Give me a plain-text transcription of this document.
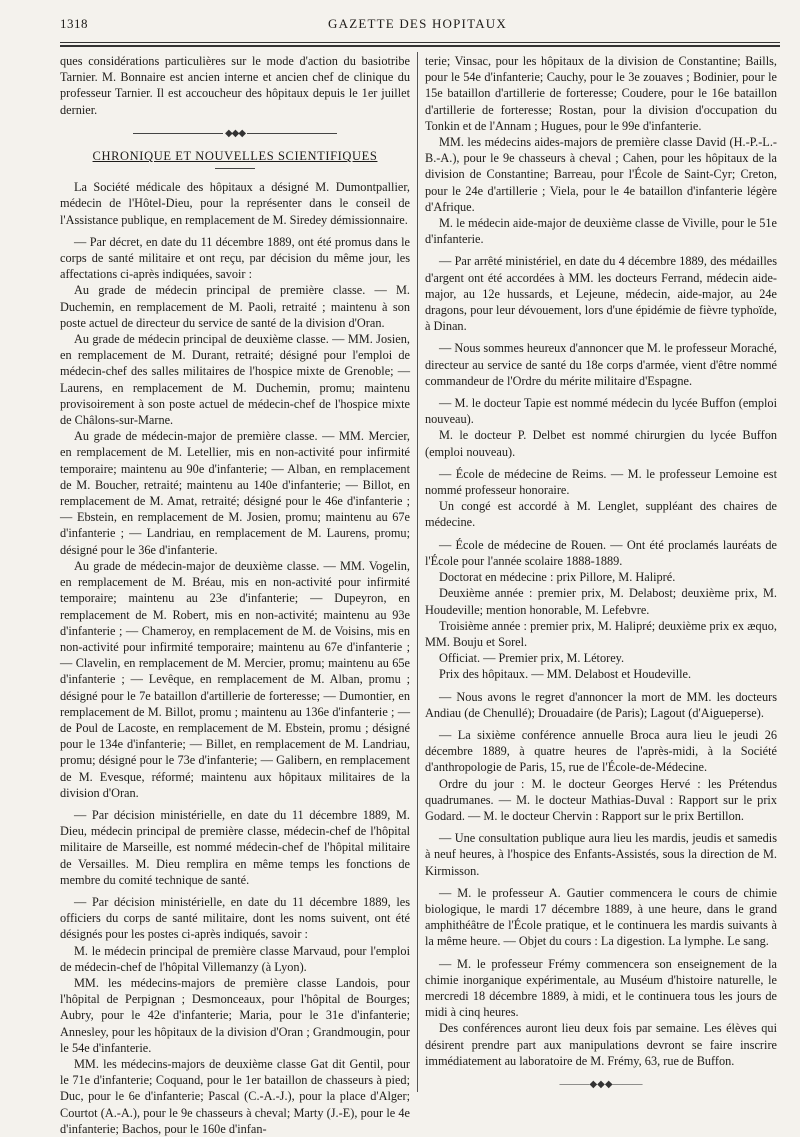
1318	GAZETTE DES HOPITAUX

ques considérations particulières sur le mode d'action du basiotribe Tarnier. M. Bonnaire est ancien interne et ancien chef de clinique du professeur Tarnier. Il est accoucheur des hôpitaux depuis le 1er juillet dernier.

◆◆◆
CHRONIQUE ET NOUVELLES SCIENTIFIQUES

La Société médicale des hôpitaux a désigné M. Dumontpallier, médecin de l'Hôtel-Dieu, pour la représenter dans le conseil de l'Assistance publique, en remplacement de M. Siredey démissionnaire.

— Par décret, en date du 11 décembre 1889, ont été promus dans le corps de santé militaire et ont reçu, par décision du même jour, les affectations ci-après indiquées, savoir :

Au grade de médecin principal de première classe. — M. Duchemin, en remplacement de M. Paoli, retraité ; maintenu à son poste actuel de directeur du service de santé de la division d'Oran.

Au grade de médecin principal de deuxième classe. — MM. Josien, en remplacement de M. Durant, retraité; désigné pour l'emploi de médecin-chef des salles militaires de l'hospice mixte de Grenoble; — Laurens, en remplacement de M. Duchemin, promu; maintenu provisoirement à son poste actuel de médecin-chef de l'hospice mixte de Châlons-sur-Marne.

Au grade de médecin-major de première classe. — MM. Mercier, en remplacement de M. Letellier, mis en non-activité pour infirmité temporaire; maintenu au 90e d'infanterie; — Alban, en remplacement de M. Boucher, retraité; maintenu au 140e d'infanterie; — Billot, en remplacement de M. Amat, retraité; désigné pour le 46e d'infanterie ; — Ebstein, en remplacement de M. Josien, promu; maintenu au 67e d'infanterie ; — Landriau, en remplacement de M. Laurens, promu; désigné pour le 36e d'infanterie.

Au grade de médecin-major de deuxième classe. — MM. Vogelin, en remplacement de M. Bréau, mis en non-activité pour infirmité temporaire; maintenu au 23e d'infanterie; — Dupeyron, en remplacement de M. Robert, mis en non-activité; maintenu au 93e d'infanterie ; — Chameroy, en remplacement de M. de Voisins, mis en non-activité pour infirmité temporaire; maintenu au 67e d'infanterie ; — Clavelin, en remplacement de M. Mercier, promu; maintenu au 65e d'infanterie ; — Levêque, en remplacement de M. Alban, promu ; désigné pour le 7e bataillon d'artillerie de forteresse; — Dumontier, en remplacement de M. Billot, promu ; maintenu au 136e d'infanterie ; — de Poul de Lacoste, en remplacement de M. Ebstein, promu ; désigné pour le 134e d'infanterie; — Billet, en remplacement de M. Landriau, promu; désigné pour le 73e d'infanterie; — Galibern, en remplacement de M. Evesque, réformé; maintenu aux hôpitaux militaires de la division d'Oran.

— Par décision ministérielle, en date du 11 décembre 1889, M. Dieu, médecin principal de première classe, médecin-chef de l'hôpital militaire de Marseille, est nommé médecin-chef de l'hôpital militaire de Versailles. M. Dieu remplira en même temps les fonctions de membre du comité technique de santé.

— Par décision ministérielle, en date du 11 décembre 1889, les officiers du corps de santé militaire, dont les noms suivent, ont été désignés pour les postes ci-après indiqués, savoir :

M. le médecin principal de première classe Marvaud, pour l'emploi de médecin-chef de l'hôpital Villemanzy (à Lyon).

MM. les médecins-majors de première classe Landois, pour l'hôpital de Perpignan ; Desmonceaux, pour l'hôpital de Bourges; Aubry, pour le 42e d'infanterie; Maria, pour le 31e d'infanterie; Annesley, pour les hôpitaux de la division d'Oran ; Grandmougin, pour le 54e d'infanterie.

MM. les médecins-majors de deuxième classe Gat dit Gentil, pour le 71e d'infanterie; Coquand, pour le 1er bataillon de chasseurs à pied; Duc, pour le 6e d'infanterie; Pascal (C.-A.-J.), pour la place d'Alger; Courtot (A.-A.), pour le 9e chasseurs à cheval; Marty (J.-E), pour le 4e d'infanterie; Bachos, pour le 160e d'infan-

terie; Vinsac, pour les hôpitaux de la division de Constantine; Baills, pour le 54e d'infanterie; Cauchy, pour le 3e zouaves ; Bodinier, pour le 15e bataillon d'artillerie de forteresse; Coudere, pour le 16e bataillon d'artillerie de forteresse; Rostan, pour la division d'occupation du Tonkin et de l'Annam ; Hugues, pour le 99e d'infanterie.

MM. les médecins aides-majors de première classe David (H.-P.-L.-B.-A.), pour le 9e chasseurs à cheval ; Cahen, pour les hôpitaux de la division de Constantine; Barreau, pour l'École de Saint-Cyr; Creton, pour le 24e d'artillerie ; Viela, pour le 4e bataillon d'infanterie légère d'Afrique.

M. le médecin aide-major de deuxième classe de Viville, pour le 51e d'infanterie.

— Par arrêté ministériel, en date du 4 décembre 1889, des médailles d'argent ont été accordées à MM. les docteurs Ferrand, médecin aide-major, au 12e hussards, et Lejeune, médecin, aide-major, au 24e dragons, pour leur dévouement, lors d'une épidémie de fièvre typhoïde, à Dinan.

— Nous sommes heureux d'annoncer que M. le professeur Moraché, directeur au service de santé du 18e corps d'armée, vient d'être nommé commandeur de l'Ordre du mérite militaire d'Espagne.

— M. le docteur Tapie est nommé médecin du lycée Buffon (emploi nouveau).

M. le docteur P. Delbet est nommé chirurgien du lycée Buffon (emploi nouveau).

— École de médecine de Reims. — M. le professeur Lemoine est nommé professeur honoraire.

Un congé est accordé à M. Lenglet, suppléant des chaires de médecine.

— École de médecine de Rouen. — Ont été proclamés lauréats de l'École pour l'année scolaire 1888-1889.

Doctorat en médecine : prix Pillore, M. Halipré.

Deuxième année : premier prix, M. Delabost; deuxième prix, M. Houdeville; mention honorable, M. Lefebvre.

Troisième année : premier prix, M. Halipré; deuxième prix ex æquo, MM. Bouju et Sorel.

Officiat. — Premier prix, M. Létorey.

Prix des hôpitaux. — MM. Delabost et Houdeville.

— Nous avons le regret d'annoncer la mort de MM. les docteurs Andiau (de Chenullé); Drouadaire (de Paris); Lagout (d'Aigueperse).

— La sixième conférence annuelle Broca aura lieu le jeudi 26 décembre 1889, à quatre heures de l'après-midi, à la Société d'anthropologie de Paris, 15, rue de l'École-de-Médecine.

Ordre du jour : M. le docteur Georges Hervé : les Prétendus quadrumanes. — M. le docteur Mathias-Duval : Rapport sur le prix Godard. — M. le docteur Chervin : Rapport sur le prix Bertillon.

— Une consultation publique aura lieu les mardis, jeudis et samedis à neuf heures, à l'hospice des Enfants-Assistés, sous la direction de M. Kirmisson.

— M. le professeur A. Gautier commencera le cours de chimie biologique, le mardi 17 décembre 1889, à une heure, dans le grand amphithéâtre de l'École pratique, et le continuera les mardis suivants à la même heure. — Objet du cours : La digestion. La lymphe. Le sang.

— M. le professeur Frémy commencera son enseignement de la chimie inorganique expérimentale, au Muséum d'histoire naturelle, le mercredi 18 décembre 1889, à midi, et le continuera tous les jours de midi à cinq heures.

Des conférences auront lieu deux fois par semaine. Les élèves qui désirent prendre part aux manipulations devront se faire inscrire immédiatement au laboratoire de M. Frémy, 63, rue de Buffon.

———◆◆◆———
